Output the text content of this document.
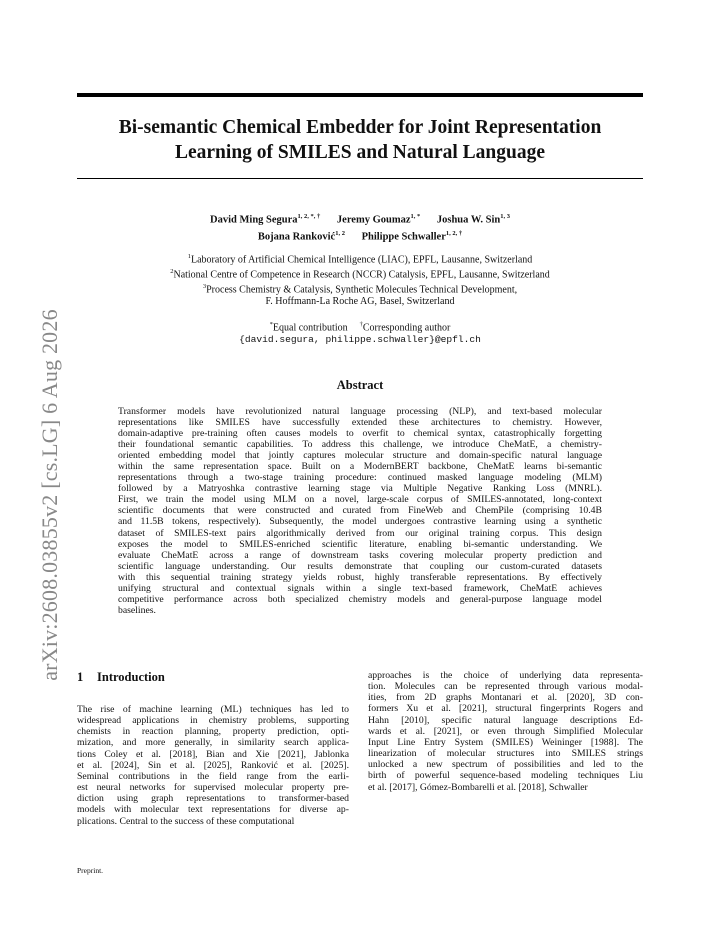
arXiv:2608.03855v2 [cs.LG] 6 Aug 2026
Bi-semantic Chemical Embedder for Joint Representation
Learning of SMILES and Natural Language
David Ming Segura$^{1, 2, *, \dagger}$ Jeremy Goumaz$^{1, *}$ Joshua W. Sin$^{1, 3}$
Bojana Ranković$^{1, 2}$ Philippe Schwaller$^{1, 2, \dagger}$
$^1$Laboratory of Artificial Chemical Intelligence (LIAC), EPFL, Lausanne, Switzerland
$^2$National Centre of Competence in Research (NCCR) Catalysis, EPFL, Lausanne, Switzerland
$^3$Process Chemistry & Catalysis, Synthetic Molecules Technical Development,
F. Hoffmann-La Roche AG, Basel, Switzerland
*Equal contribution †Corresponding author
{david.segura, philippe.schwaller}@epfl.ch
Abstract
Transformer models have revolutionized natural language processing (NLP), and text-based molecular
representations like SMILES have successfully extended these architectures to chemistry. However,
domain-adaptive pre-training often causes models to overfit to chemical syntax, catastrophically forgetting
their foundational semantic capabilities. To address this challenge, we introduce CheMatE, a chemistry-
oriented embedding model that jointly captures molecular structure and domain-specific natural language
within the same representation space. Built on a ModernBERT backbone, CheMatE learns bi-semantic
representations through a two-stage training procedure: continued masked language modeling (MLM)
followed by a Matryoshka contrastive learning stage via Multiple Negative Ranking Loss (MNRL).
First, we train the model using MLM on a novel, large-scale corpus of SMILES-annotated, long-context
scientific documents that were constructed and curated from FineWeb and ChemPile (comprising 10.4B
and 11.5B tokens, respectively). Subsequently, the model undergoes contrastive learning using a synthetic
dataset of SMILES-text pairs algorithmically derived from our original training corpus. This design
exposes the model to SMILES-enriched scientific literature, enabling bi-semantic understanding. We
evaluate CheMatE across a range of downstream tasks covering molecular property prediction and
scientific language understanding. Our results demonstrate that coupling our custom-curated datasets
with this sequential training strategy yields robust, highly transferable representations. By effectively
unifying structural and contextual signals within a single text-based framework, CheMatE achieves
competitive performance across both specialized chemistry models and general-purpose language model
baselines.
1 Introduction
The rise of machine learning (ML) techniques has led to
widespread applications in chemistry problems, supporting
chemists in reaction planning, property prediction, opti-
mization, and more generally, in similarity search applica-
tions Coley et al. [2018], Bian and Xie [2021], Jablonka
et al. [2024], Sin et al. [2025], Ranković et al. [2025].
Seminal contributions in the field range from the earli-
est neural networks for supervised molecular property pre-
diction using graph representations to transformer-based
models with molecular text representations for diverse ap-
plications. Central to the success of these computational
approaches is the choice of underlying data representa-
tion. Molecules can be represented through various modal-
ities, from 2D graphs Montanari et al. [2020], 3D con-
formers Xu et al. [2021], structural fingerprints Rogers and
Hahn [2010], specific natural language descriptions Ed-
wards et al. [2021], or even through Simplified Molecular
Input Line Entry System (SMILES) Weininger [1988]. The
linearization of molecular structures into SMILES strings
unlocked a new spectrum of possibilities and led to the
birth of powerful sequence-based modeling techniques Liu
et al. [2017], Gómez-Bombarelli et al. [2018], Schwaller
Preprint.
